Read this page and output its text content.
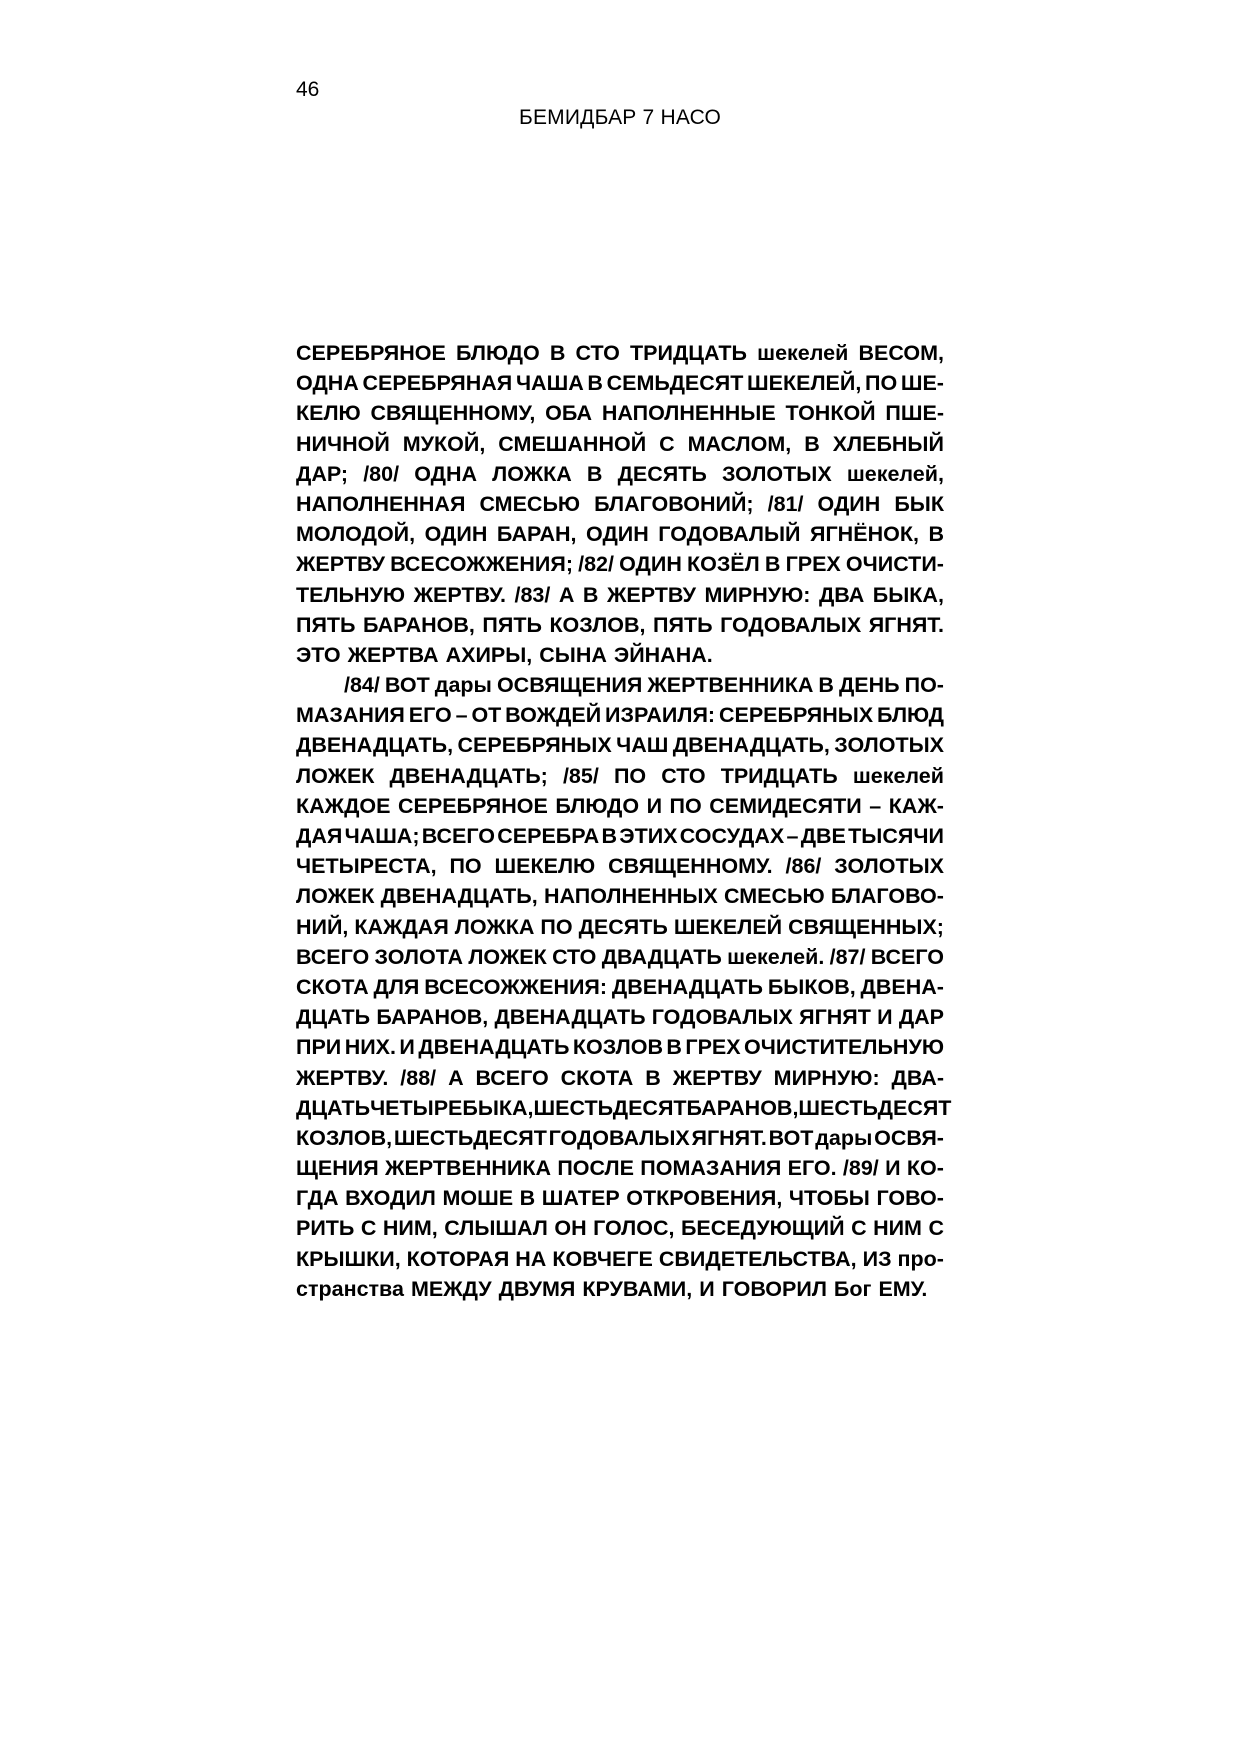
46
БЕМИДБАР 7 НАСО
СЕРЕБРЯНОЕ БЛЮДО В СТО ТРИДЦАТЬ шекелей ВЕСОМ,
ОДНА СЕРЕБРЯНАЯ ЧАША В СЕМЬДЕСЯТ ШЕКЕЛЕЙ, ПО ШЕ-
КЕЛЮ СВЯЩЕННОМУ, ОБА НАПОЛНЕННЫЕ ТОНКОЙ ПШЕ-
НИЧНОЙ МУКОЙ, СМЕШАННОЙ С МАСЛОМ, В ХЛЕБНЫЙ
ДАР; /80/ ОДНА ЛОЖКА В ДЕСЯТЬ ЗОЛОТЫХ шекелей,
НАПОЛНЕННАЯ СМЕСЬЮ БЛАГОВОНИЙ; /81/ ОДИН БЫК
МОЛОДОЙ, ОДИН БАРАН, ОДИН ГОДОВАЛЫЙ ЯГНЁНОК, В
ЖЕРТВУ ВСЕСОЖЖЕНИЯ; /82/ ОДИН КОЗЁЛ В ГРЕХ ОЧИСТИ-
ТЕЛЬНУЮ ЖЕРТВУ. /83/ А В ЖЕРТВУ МИРНУЮ: ДВА БЫКА,
ПЯТЬ БАРАНОВ, ПЯТЬ КОЗЛОВ, ПЯТЬ ГОДОВАЛЫХ ЯГНЯТ.
ЭТО ЖЕРТВА АХИРЫ, СЫНА ЭЙНАНА.
/84/ ВОТ дары ОСВЯЩЕНИЯ ЖЕРТВЕННИКА В ДЕНЬ ПО-
МАЗАНИЯ ЕГО – ОТ ВОЖДЕЙ ИЗРАИЛЯ: СЕРЕБРЯНЫХ БЛЮД
ДВЕНАДЦАТЬ, СЕРЕБРЯНЫХ ЧАШ ДВЕНАДЦАТЬ, ЗОЛОТЫХ
ЛОЖЕК ДВЕНАДЦАТЬ; /85/ ПО СТО ТРИДЦАТЬ шекелей
КАЖДОЕ СЕРЕБРЯНОЕ БЛЮДО И ПО СЕМИДЕСЯТИ – КАЖ-
ДАЯ ЧАША; ВСЕГО СЕРЕБРА В ЭТИХ СОСУДАХ – ДВЕ ТЫСЯЧИ
ЧЕТЫРЕСТА, ПО ШЕКЕЛЮ СВЯЩЕННОМУ. /86/ ЗОЛОТЫХ
ЛОЖЕК ДВЕНАДЦАТЬ, НАПОЛНЕННЫХ СМЕСЬЮ БЛАГОВО-
НИЙ, КАЖДАЯ ЛОЖКА ПО ДЕСЯТЬ ШЕКЕЛЕЙ СВЯЩЕННЫХ;
ВСЕГО ЗОЛОТА ЛОЖЕК СТО ДВАДЦАТЬ шекелей. /87/ ВСЕГО
СКОТА ДЛЯ ВСЕСОЖЖЕНИЯ: ДВЕНАДЦАТЬ БЫКОВ, ДВЕНА-
ДЦАТЬ БАРАНОВ, ДВЕНАДЦАТЬ ГОДОВАЛЫХ ЯГНЯТ И ДАР
ПРИ НИХ. И ДВЕНАДЦАТЬ КОЗЛОВ В ГРЕХ ОЧИСТИТЕЛЬНУЮ
ЖЕРТВУ. /88/ А ВСЕГО СКОТА В ЖЕРТВУ МИРНУЮ: ДВА-
ДЦАТЬ ЧЕТЫРЕ БЫКА, ШЕСТЬДЕСЯТ БАРАНОВ, ШЕСТЬДЕСЯТ
КОЗЛОВ, ШЕСТЬДЕСЯТ ГОДОВАЛЫХ ЯГНЯТ. ВОТ дары ОСВЯ-
ЩЕНИЯ ЖЕРТВЕННИКА ПОСЛЕ ПОМАЗАНИЯ ЕГО. /89/ И КО-
ГДА ВХОДИЛ МОШЕ В ШАТЕР ОТКРОВЕНИЯ, ЧТОБЫ ГОВО-
РИТЬ С НИМ, СЛЫШАЛ ОН ГОЛОС, БЕСЕДУЮЩИЙ С НИМ С
КРЫШКИ, КОТОРАЯ НА КОВЧЕГЕ СВИДЕТЕЛЬСТВА, ИЗ про-
странства МЕЖДУ ДВУМЯ КРУВАМИ, И ГОВОРИЛ Бог ЕМУ.
